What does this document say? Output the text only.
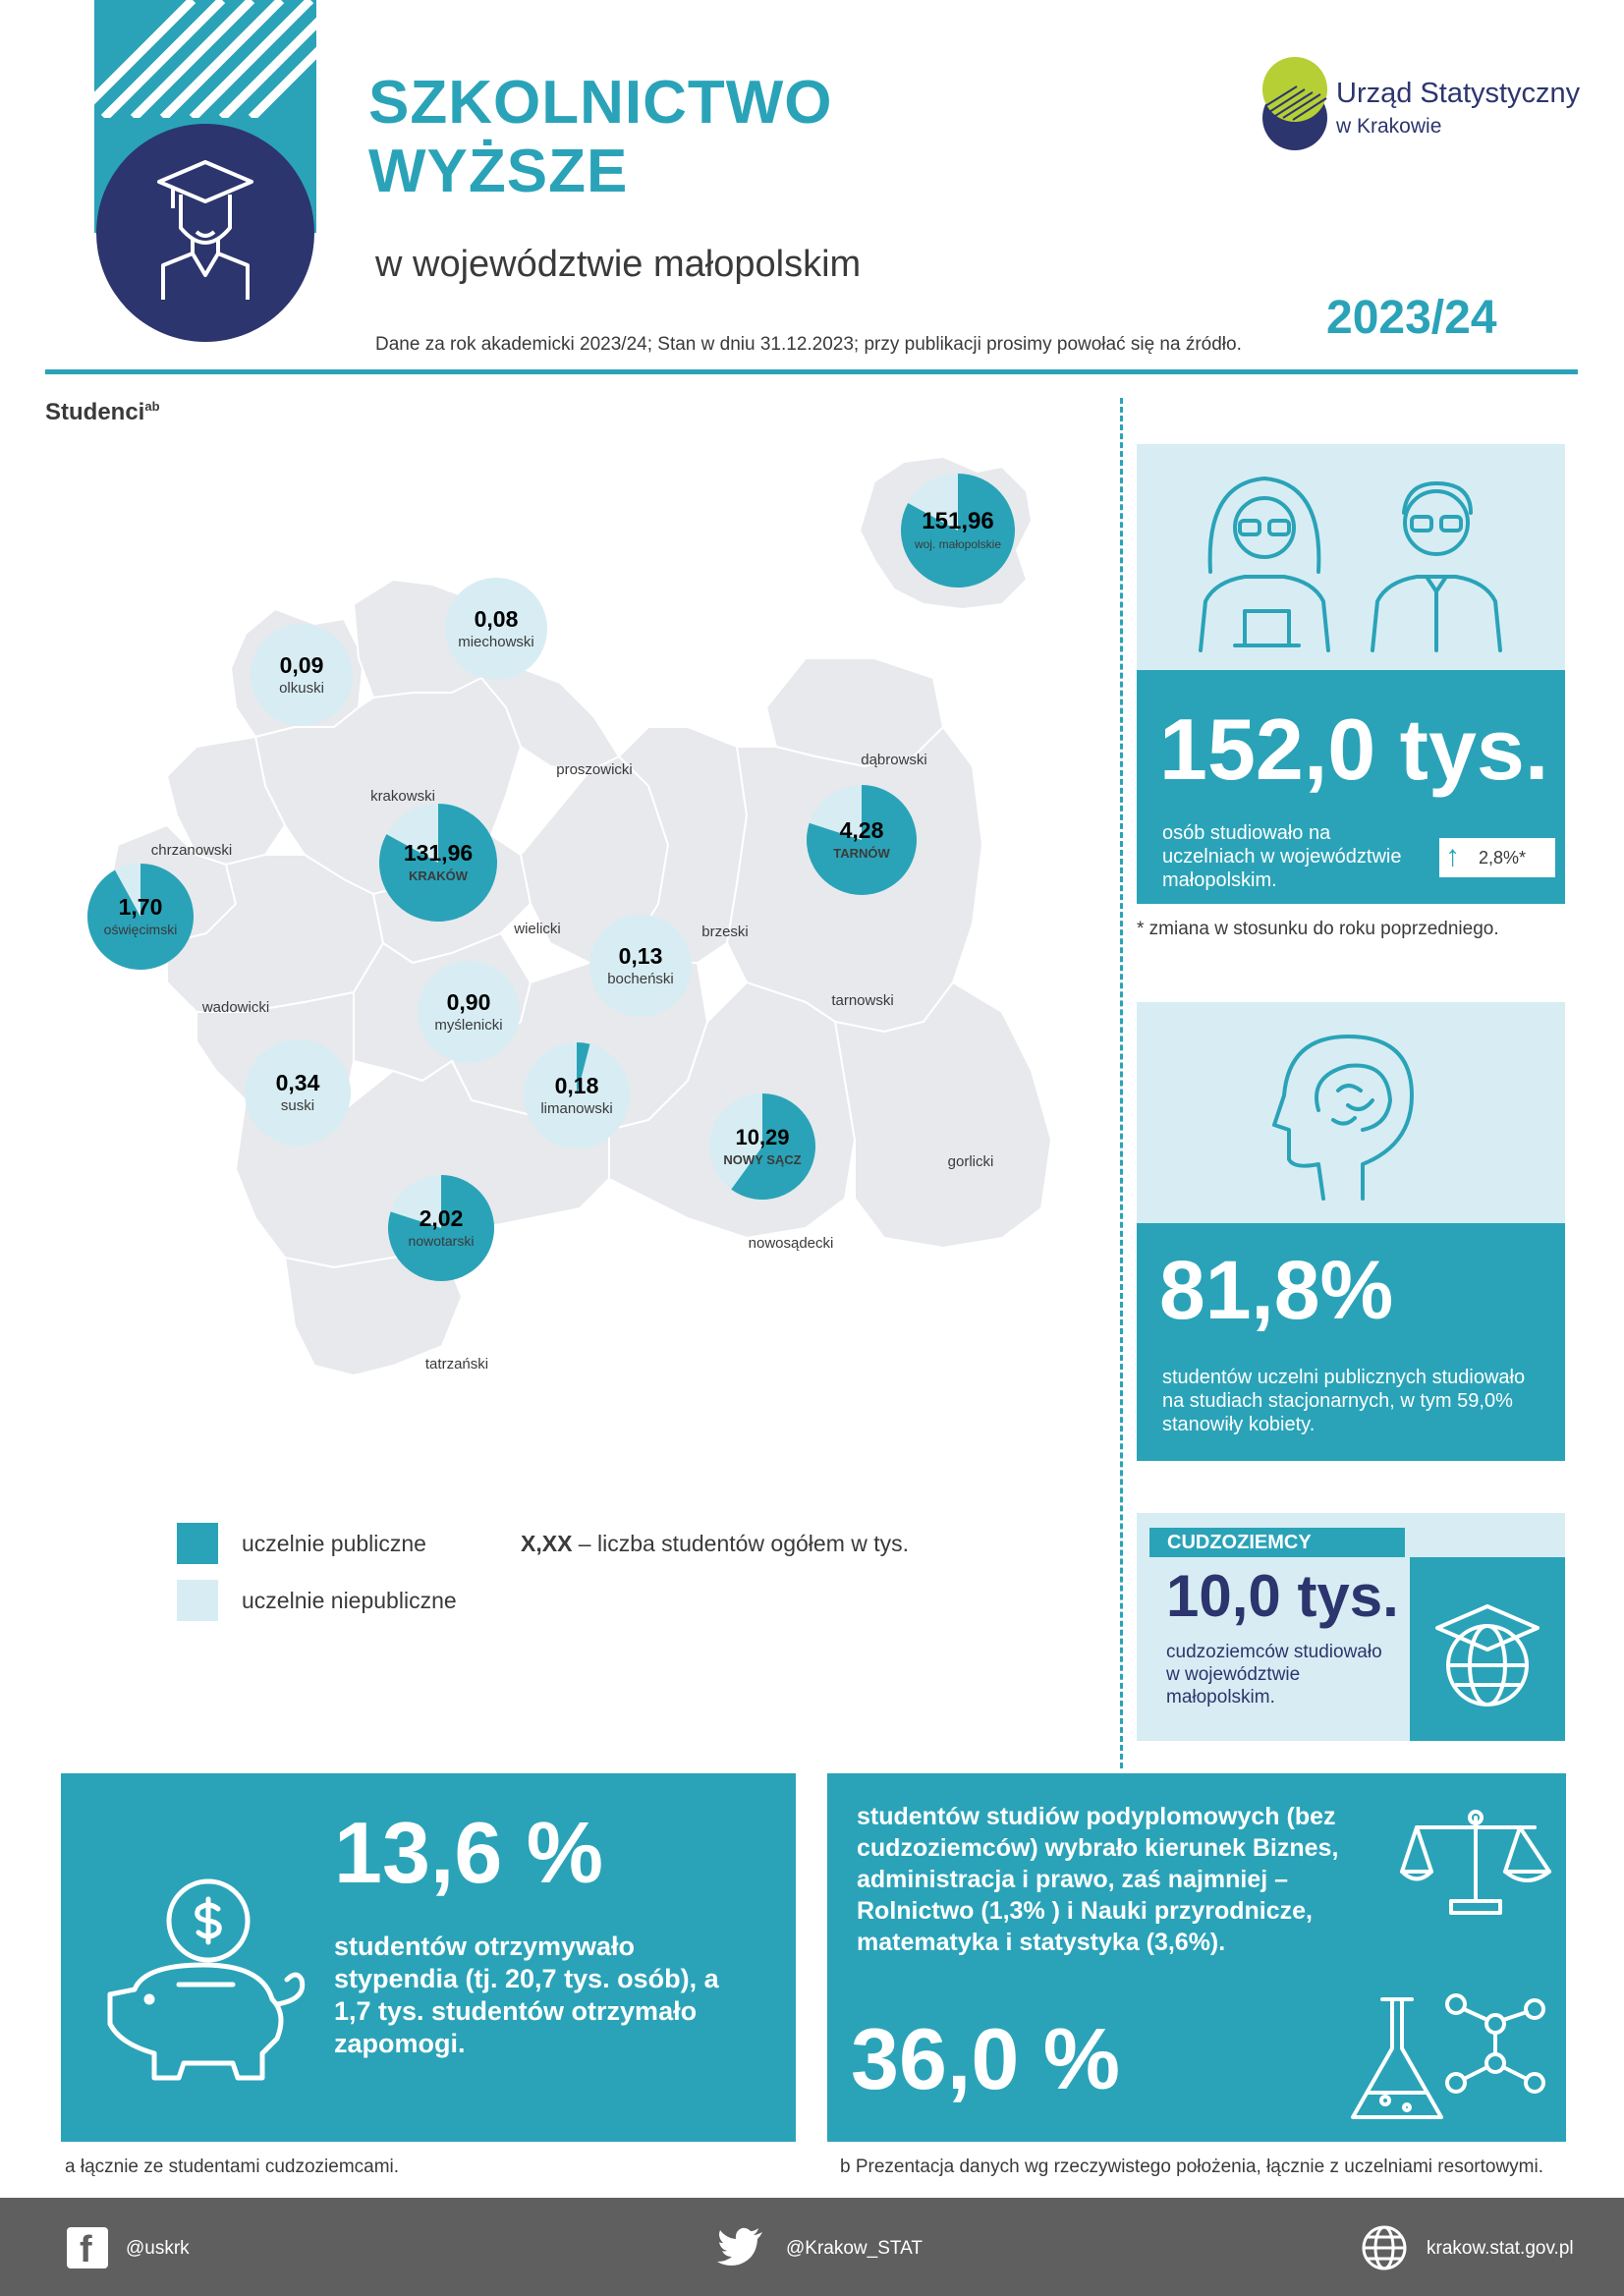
SZKOLNICTWO
WYŻSZE
w województwie małopolskim
Dane za rok akademicki 2023/24; Stan w dniu 31.12.2023; przy publikacji prosimy powołać się na źródło.
2023/24
Urząd Statystyczny
w Krakowie
Studenci$^{ab}$
151,96
woj. małopolskie
0,08
miechowski
0,09
olkuski
131,96
KRAKÓW
4,28
TARNÓW
1,70
oświęcimski
0,13
bocheński
0,90
myślenicki
0,34
suski
0,18
limanowski
10,29
NOWY SĄCZ
2,02
nowotarski
krakowski
proszowicki
dąbrowski
chrzanowski
wielicki	brzeski
tarnowski
wadowicki
gorlicki
nowosądecki
tatrzański
uczelnie publiczne
uczelnie niepubliczne
X,XX – liczba studentów ogółem w tys.
152,0 tys.
osób studiowało na uczelniach w województwie małopolskim.
↑ 2,8%*
* zmiana w stosunku do roku poprzedniego.
81,8%
studentów uczelni publicznych studiowało na studiach stacjonarnych, w tym 59,0% stanowiły kobiety.
CUDZOZIEMCY
10,0 tys.
cudzoziemców studiowało w województwie małopolskim.
13,6 %
studentów otrzymywało stypendia (tj. 20,7 tys. osób), a 1,7 tys. studentów otrzymało zapomogi.
studentów studiów podyplomowych (bez cudzoziemców) wybrało kierunek Biznes, administracja i prawo, zaś najmniej – Rolnictwo (1,3% ) i Nauki przyrodnicze, matematyka i statystyka (3,6%).
36,0 %
a łącznie ze studentami cudzoziemcami.	b Prezentacja danych wg rzeczywistego położenia, łącznie z uczelniami resortowymi.
f @uskrk	@Krakow_STAT	krakow.stat.gov.pl
